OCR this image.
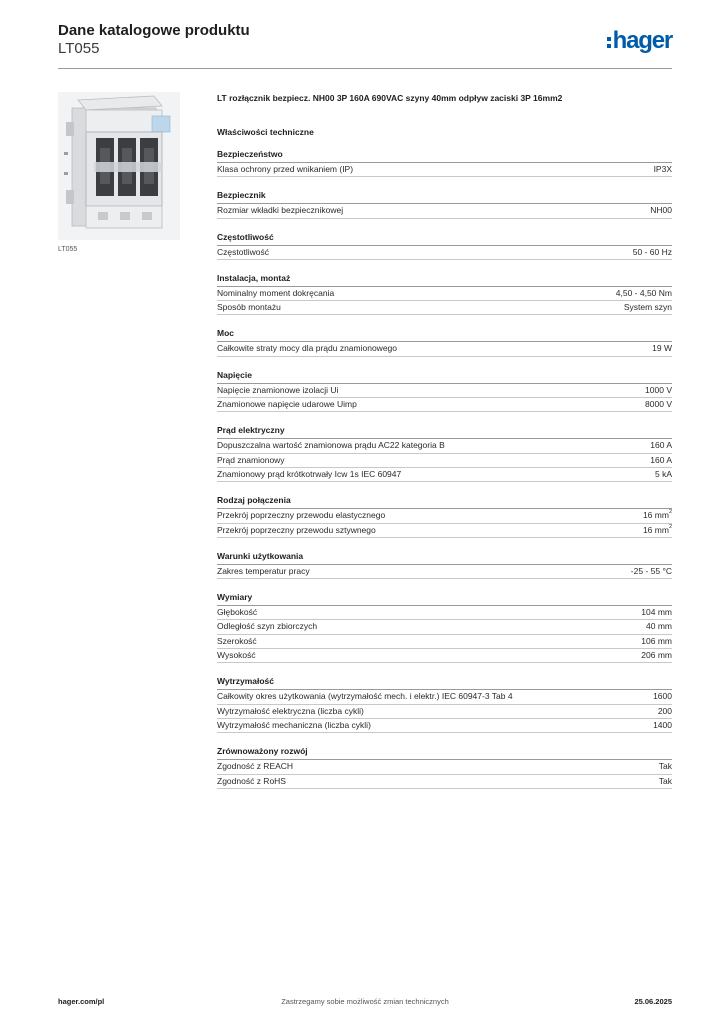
Dane katalogowe produktu
LT055	hager
LT055
LT rozłącznik bezpiecz. NH00 3P 160A 690VAC szyny 40mm odpływ zaciski 3P 16mm2
Właściwości techniczne
Bezpieczeństwo
Klasa ochrony przed wnikaniem (IP)	IP3X
Bezpiecznik
Rozmiar wkładki bezpiecznikowej	NH00
Częstotliwość
Częstotliwość	50 - 60 Hz
Instalacja, montaż
Nominalny moment dokręcania	4,50 - 4,50 Nm
Sposób montażu	System szyn
Moc
Całkowite straty mocy dla prądu znamionowego	19 W
Napięcie
Napięcie znamionowe izolacji Ui	1000 V
Znamionowe napięcie udarowe Uimp	8000 V
Prąd elektryczny
Dopuszczalna wartość znamionowa prądu AC22 kategoria B	160 A
Prąd znamionowy	160 A
Znamionowy prąd krótkotrwały Icw 1s IEC 60947	5 kA
Rodzaj połączenia
Przekrój poprzeczny przewodu elastycznego	16 $mm^2$
Przekrój poprzeczny przewodu sztywnego	16 $mm^2$
Warunki użytkowania
Zakres temperatur pracy	-25 - 55 °C
Wymiary
Głębokość	104 mm
Odległość szyn zbiorczych	40 mm
Szerokość	106 mm
Wysokość	206 mm
Wytrzymałość
Całkowity okres użytkowania (wytrzymałość mech. i elektr.) IEC 60947-3 Tab 4	1600
Wytrzymałość elektryczna (liczba cykli)	200
Wytrzymałość mechaniczna (liczba cykli)	1400
Zrównoważony rozwój
Zgodność z REACH	Tak
Zgodność z RoHS	Tak
hager.com/pl	Zastrzegamy sobie możliwość zmian technicznych	25.06.2025
